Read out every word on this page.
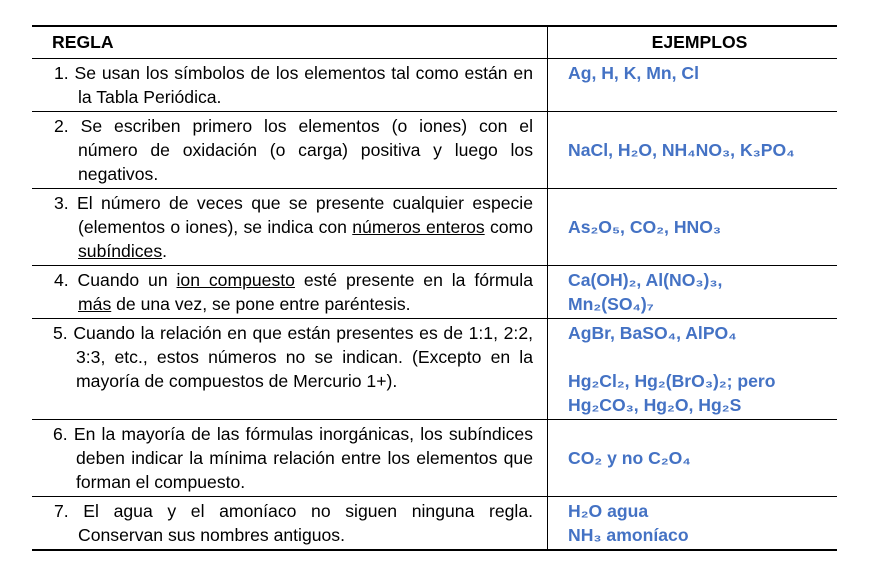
REGLA	EJEMPLOS
1. Se usan los símbolos de los elementos tal como están en la Tabla Periódica.
Ag, H, K, Mn, Cl
2. Se escriben primero los elementos (o iones) con el número de oxidación (o carga) positiva y luego los negativos.
NaCl, H₂O, NH₄NO₃, K₃PO₄
3. El número de veces que se presente cualquier especie (elementos o iones), se indica con números enteros como subíndices.
As₂O₅, CO₂, HNO₃
4. Cuando un ion compuesto esté presente en la fórmula más de una vez, se pone entre paréntesis.
Ca(OH)₂, Al(NO₃)₃,
Mn₂(SO₄)₇
5. Cuando la relación en que están presentes es de 1:1, 2:2, 3:3, etc., estos números no se indican. (Excepto en la mayoría de compuestos de Mercurio 1+).
AgBr, BaSO₄, AlPO₄
Hg₂Cl₂, Hg₂(BrO₃)₂; pero
Hg₂CO₃, Hg₂O, Hg₂S
6. En la mayoría de las fórmulas inorgánicas, los subíndices deben indicar la mínima relación entre los elementos que forman el compuesto.
CO₂ y no C₂O₄
7. El agua y el amoníaco no siguen ninguna regla. Conservan sus nombres antiguos.
H₂O agua
NH₃ amoníaco
